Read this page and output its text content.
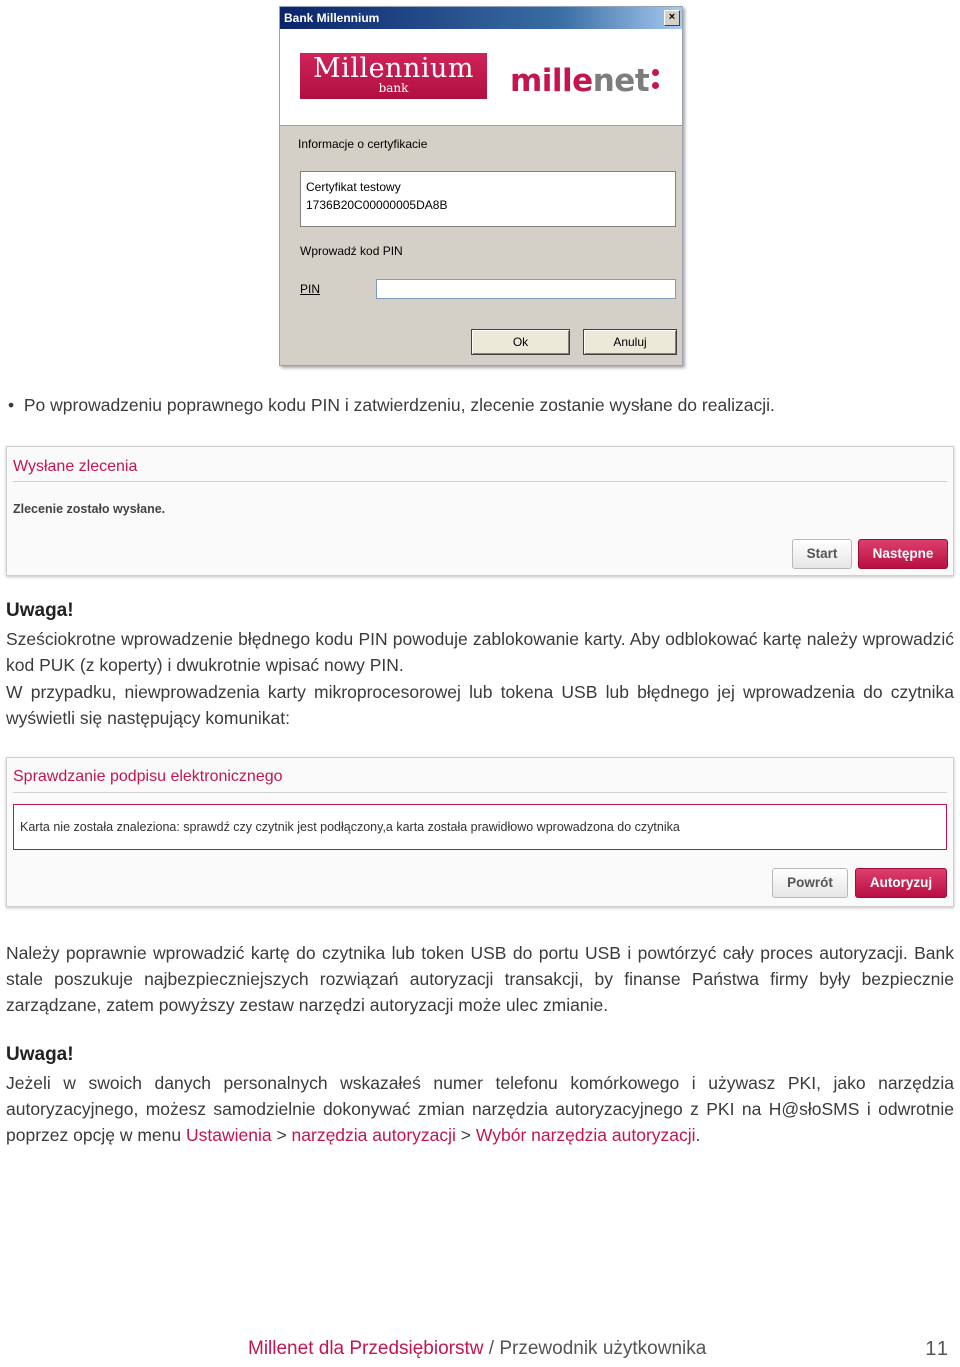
Bank Millennium	×
Millennium
bank	millenet
Informacje o certyfikacie
Certyfikat testowy
1736B20C00000005DA8B
Wprowadź kod PIN
PIN
Ok	Anuluj
• Po wprowadzeniu poprawnego kodu PIN i zatwierdzeniu, zlecenie zostanie wysłane do realizacji.
Wysłane zlecenia
Zlecenie zostało wysłane.
Start	Następne
Uwaga!
Sześciokrotne wprowadzenie błędnego kodu PIN powoduje zablokowanie karty. Aby odblokować kartę należy wprowadzić kod PUK (z koperty) i dwukrotnie wpisać nowy PIN.
W przypadku, niewprowadzenia karty mikroprocesorowej lub tokena USB lub błędnego jej wprowadzenia do czytnika wyświetli się następujący komunikat:
Sprawdzanie podpisu elektronicznego
Karta nie została znaleziona: sprawdź czy czytnik jest podłączony,a karta została prawidłowo wprowadzona do czytnika
Powrót	Autoryzuj
Należy poprawnie wprowadzić kartę do czytnika lub token USB do portu USB i powtórzyć cały proces autoryzacji. Bank stale poszukuje najbezpieczniejszych rozwiązań autoryzacji transakcji, by finanse Państwa firmy były bezpiecznie zarządzane, zatem powyższy zestaw narzędzi autoryzacji może ulec zmianie.
Uwaga!
Jeżeli w swoich danych personalnych wskazałeś numer telefonu komórkowego i używasz PKI, jako narzędzia autoryzacyjnego, możesz samodzielnie dokonywać zmian narzędzia autoryzacyjnego z PKI na H@słoSMS i odwrotnie poprzez opcję w menu Ustawienia > narzędzia autoryzacji > Wybór narzędzia autoryzacji.
Millenet dla Przedsiębiorstw / Przewodnik użytkownika	11
